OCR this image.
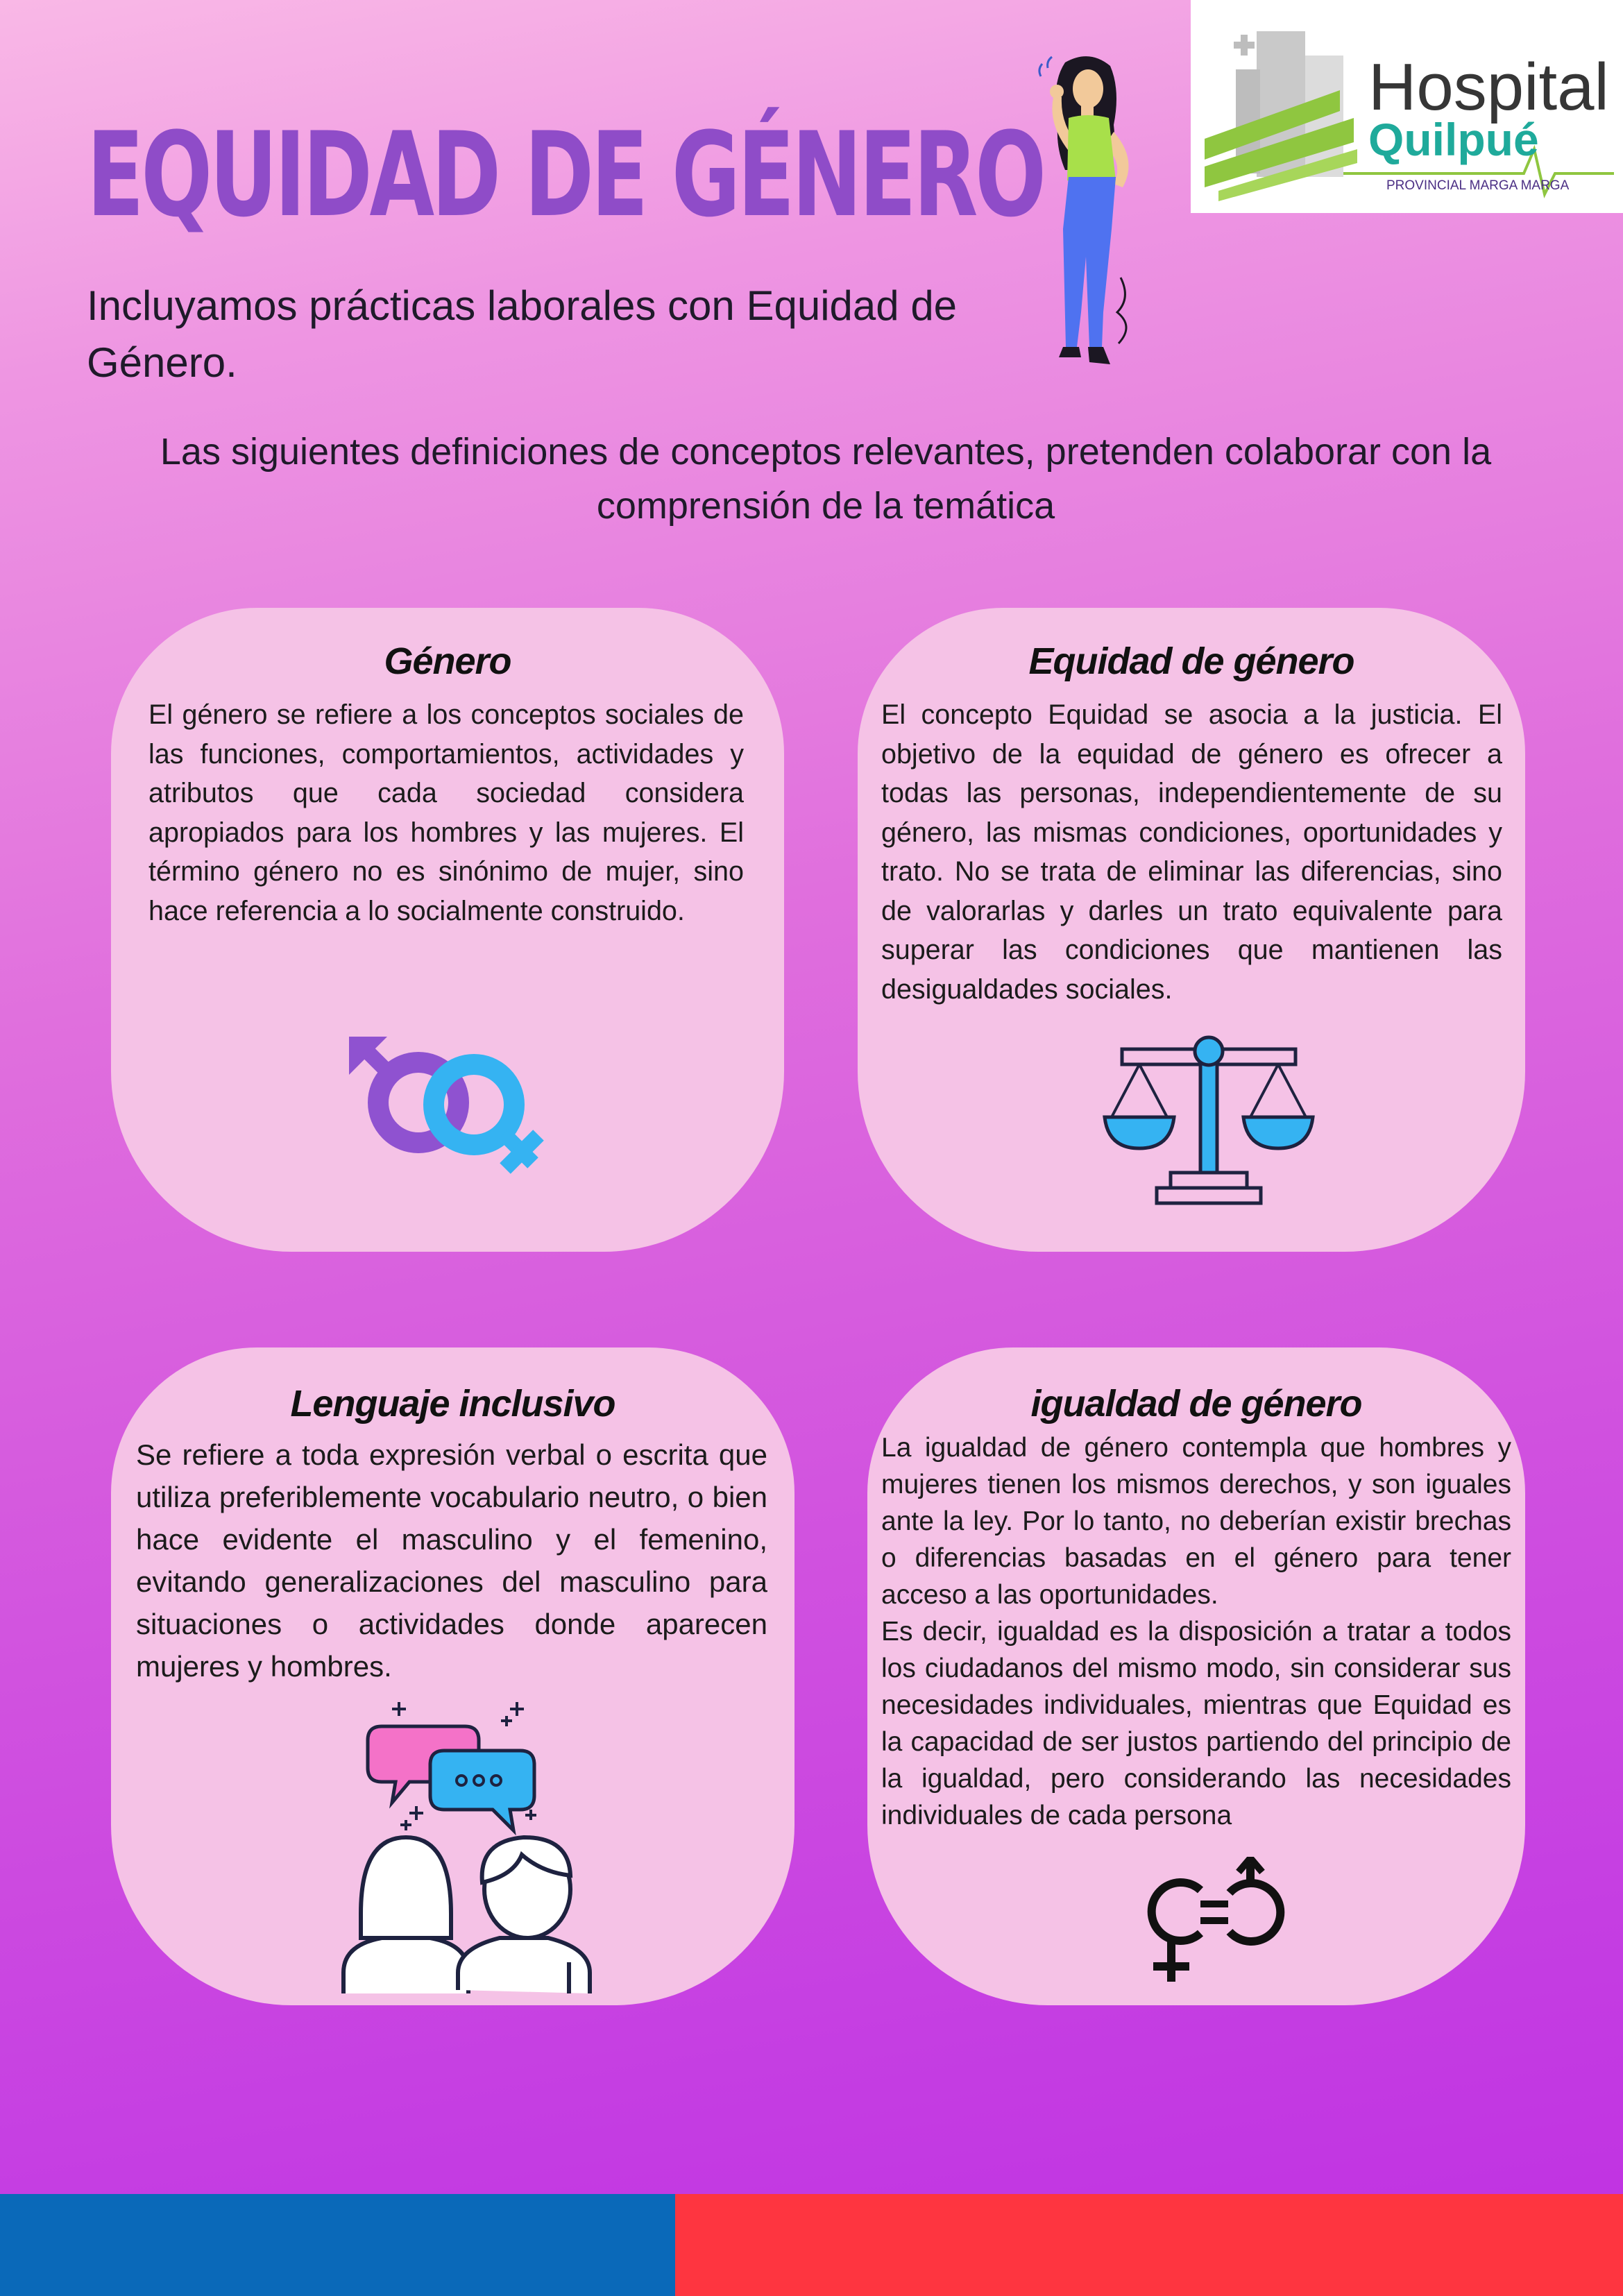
EQUIDAD DE GÉNERO
Incluyamos prácticas laborales con Equidad de Género.
Las siguientes definiciones de conceptos relevantes, pretenden colaborar con la comprensión de la temática
Hospital
Quilpué
PROVINCIAL MARGA MARGA
Género
El género se refiere a los conceptos sociales de las funciones, comportamientos, actividades y atributos que cada sociedad considera apropiados para los hombres y las mujeres. El término género no es sinónimo de mujer, sino hace referencia a lo socialmente construido.
Equidad de género
El concepto Equidad se asocia a la justicia. El objetivo de la equidad de género es ofrecer a todas las personas, independientemente de su género, las mismas condiciones, oportunidades y trato. No se trata de eliminar las diferencias, sino de valorarlas y darles un trato equivalente para superar las condiciones que mantienen las desigualdades sociales.
Lenguaje inclusivo
Se refiere a toda expresión verbal o escrita que utiliza preferiblemente vocabulario neutro, o bien hace evidente el masculino y el femenino, evitando generalizaciones del masculino para situaciones o actividades donde aparecen mujeres y hombres.
igualdad de género
La igualdad de género contempla que hombres y mujeres tienen los mismos derechos, y son iguales ante la ley. Por lo tanto, no deberían existir brechas o diferencias basadas en el género para tener acceso a las oportunidades.
Es decir, igualdad es la disposición a tratar a todos los ciudadanos del mismo modo, sin considerar sus necesidades individuales, mientras que Equidad es la capacidad de ser justos partiendo del principio de la igualdad, pero considerando las necesidades individuales de cada persona
